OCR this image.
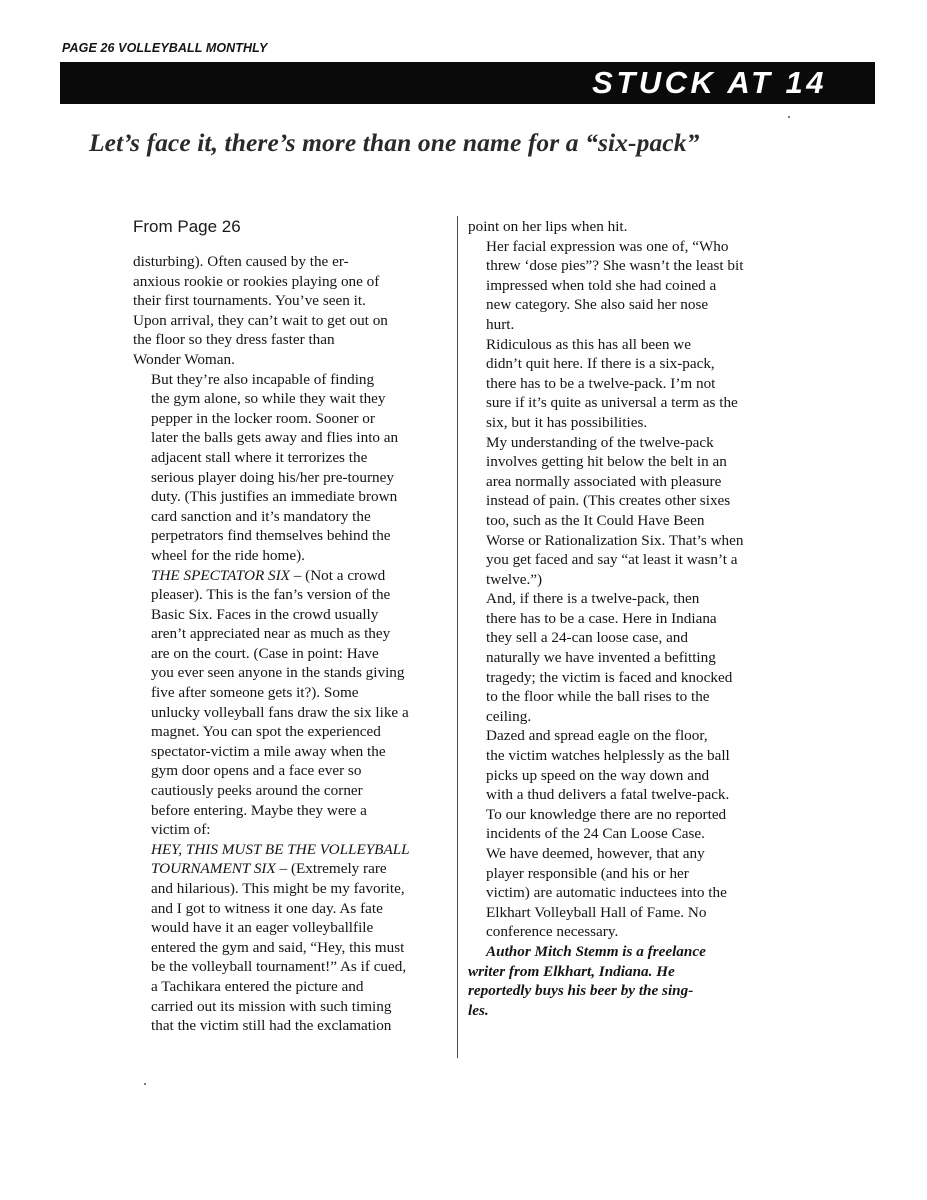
PAGE 26 VOLLEYBALL MONTHLY
STUCK AT 14
Let’s face it, there’s more than one name for a “six-pack”
From Page 26

disturbing). Often caused by the er-
anxious rookie or rookies playing one of
their first tournaments. You’ve seen it.
Upon arrival, they can’t wait to get out on
the floor so they dress faster than
Wonder Woman.

But they’re also incapable of finding
the gym alone, so while they wait they
pepper in the locker room. Sooner or
later the balls gets away and flies into an
adjacent stall where it terrorizes the
serious player doing his/her pre-tourney
duty. (This justifies an immediate brown
card sanction and it’s mandatory the
perpetrators find themselves behind the
wheel for the ride home).

THE SPECTATOR SIX – (Not a crowd
pleaser). This is the fan’s version of the
Basic Six. Faces in the crowd usually
aren’t appreciated near as much as they
are on the court. (Case in point: Have
you ever seen anyone in the stands giving
five after someone gets it?). Some
unlucky volleyball fans draw the six like a
magnet. You can spot the experienced
spectator-victim a mile away when the
gym door opens and a face ever so
cautiously peeks around the corner
before entering. Maybe they were a
victim of:

HEY, THIS MUST BE THE VOLLEYBALL
TOURNAMENT SIX – (Extremely rare
and hilarious). This might be my favorite,
and I got to witness it one day. As fate
would have it an eager volleyballfile
entered the gym and said, “Hey, this must
be the volleyball tournament!” As if cued,
a Tachikara entered the picture and
carried out its mission with such timing
that the victim still had the exclamation

point on her lips when hit.

Her facial expression was one of, “Who
threw ‘dose pies”? She wasn’t the least bit
impressed when told she had coined a
new category. She also said her nose
hurt.

Ridiculous as this has all been we
didn’t quit here. If there is a six-pack,
there has to be a twelve-pack. I’m not
sure if it’s quite as universal a term as the
six, but it has possibilities.

My understanding of the twelve-pack
involves getting hit below the belt in an
area normally associated with pleasure
instead of pain. (This creates other sixes
too, such as the It Could Have Been
Worse or Rationalization Six. That’s when
you get faced and say “at least it wasn’t a
twelve.”)

And, if there is a twelve-pack, then
there has to be a case. Here in Indiana
they sell a 24-can loose case, and
naturally we have invented a befitting
tragedy; the victim is faced and knocked
to the floor while the ball rises to the
ceiling.

Dazed and spread eagle on the floor,
the victim watches helplessly as the ball
picks up speed on the way down and
with a thud delivers a fatal twelve-pack.
To our knowledge there are no reported
incidents of the 24 Can Loose Case.

We have deemed, however, that any
player responsible (and his or her
victim) are automatic inductees into the
Elkhart Volleyball Hall of Fame. No
conference necessary.

Author Mitch Stemm is a freelance
writer from Elkhart, Indiana. He
reportedly buys his beer by the sing-
les.
